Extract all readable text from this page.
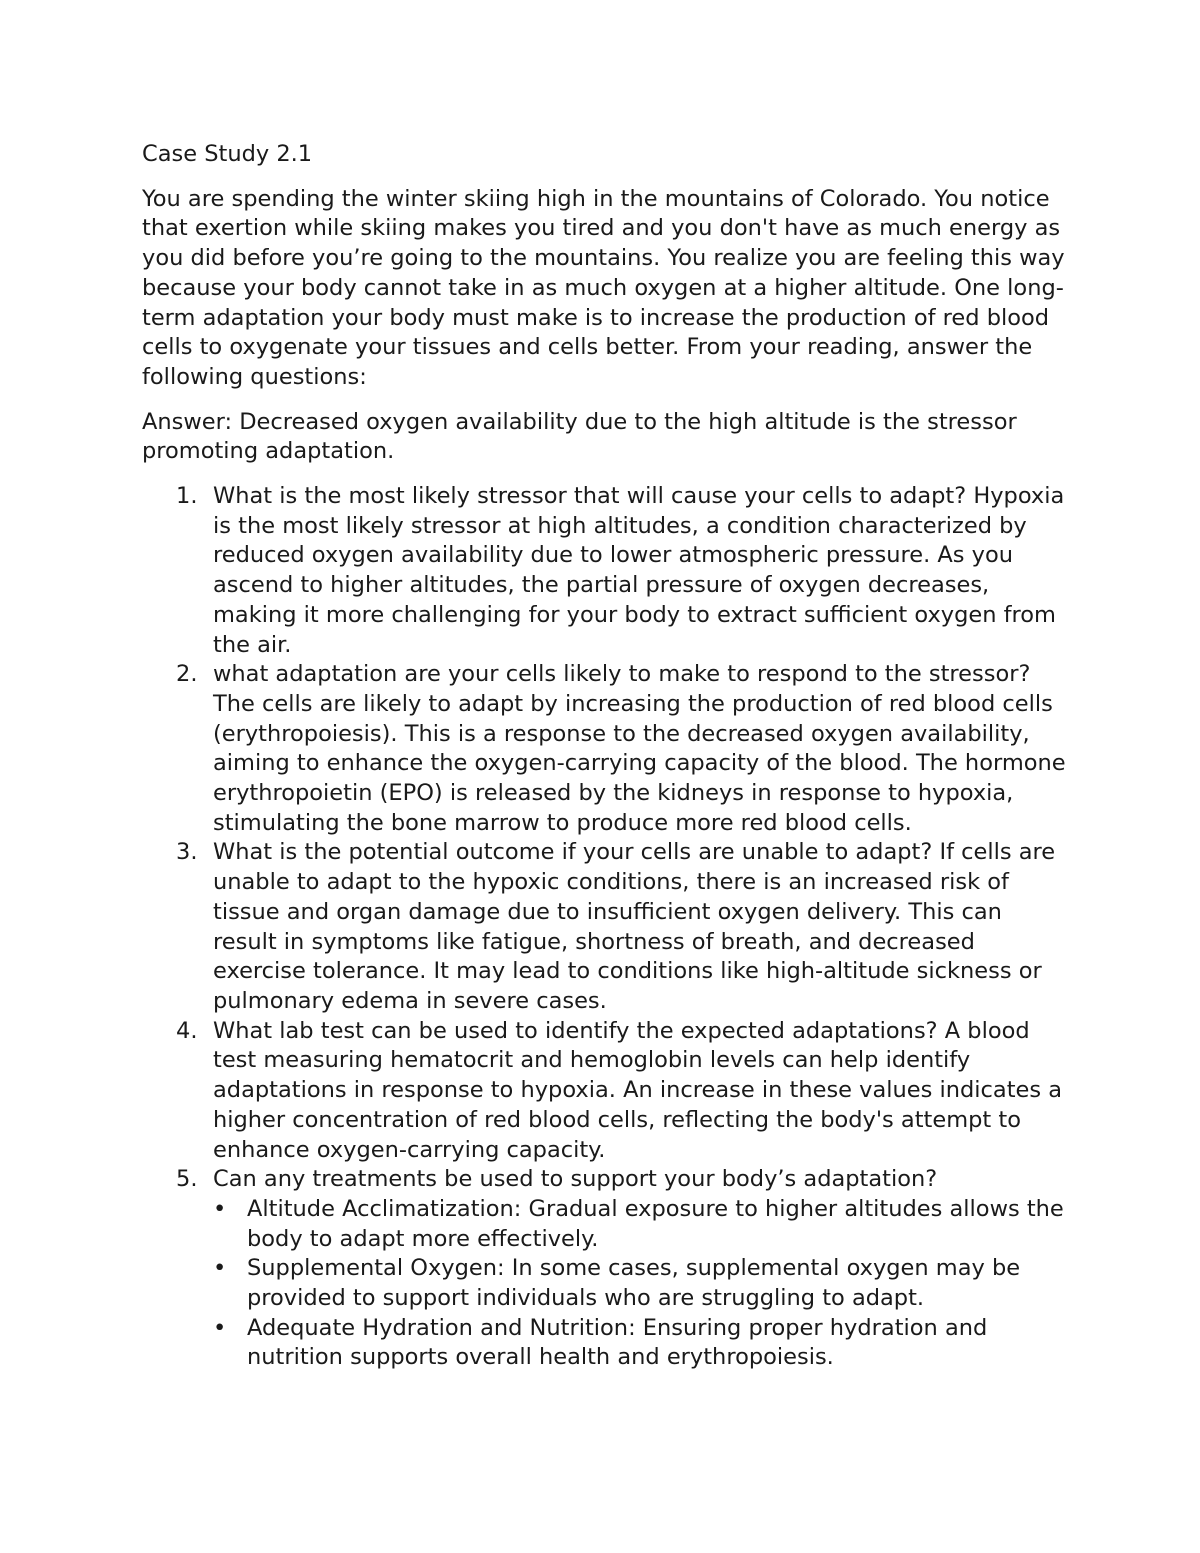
Case Study 2.1

You are spending the winter skiing high in the mountains of Colorado. You notice that exertion while skiing makes you tired and you don't have as much energy as you did before you’re going to the mountains. You realize you are feeling this way because your body cannot take in as much oxygen at a higher altitude. One long-term adaptation your body must make is to increase the production of red blood cells to oxygenate your tissues and cells better. From your reading, answer the following questions:

Answer: Decreased oxygen availability due to the high altitude is the stressor promoting adaptation.

1. What is the most likely stressor that will cause your cells to adapt? Hypoxia is the most likely stressor at high altitudes, a condition characterized by reduced oxygen availability due to lower atmospheric pressure. As you ascend to higher altitudes, the partial pressure of oxygen decreases, making it more challenging for your body to extract sufficient oxygen from the air.
2. what adaptation are your cells likely to make to respond to the stressor? The cells are likely to adapt by increasing the production of red blood cells (erythropoiesis). This is a response to the decreased oxygen availability, aiming to enhance the oxygen-carrying capacity of the blood. The hormone erythropoietin (EPO) is released by the kidneys in response to hypoxia, stimulating the bone marrow to produce more red blood cells.
3. What is the potential outcome if your cells are unable to adapt? If cells are unable to adapt to the hypoxic conditions, there is an increased risk of tissue and organ damage due to insufficient oxygen delivery. This can result in symptoms like fatigue, shortness of breath, and decreased exercise tolerance. It may lead to conditions like high-altitude sickness or pulmonary edema in severe cases.
4. What lab test can be used to identify the expected adaptations? A blood test measuring hematocrit and hemoglobin levels can help identify adaptations in response to hypoxia. An increase in these values indicates a higher concentration of red blood cells, reflecting the body's attempt to enhance oxygen-carrying capacity.
5. Can any treatments be used to support your body’s adaptation?
• Altitude Acclimatization: Gradual exposure to higher altitudes allows the body to adapt more effectively.
• Supplemental Oxygen: In some cases, supplemental oxygen may be provided to support individuals who are struggling to adapt.
• Adequate Hydration and Nutrition: Ensuring proper hydration and nutrition supports overall health and erythropoiesis.
